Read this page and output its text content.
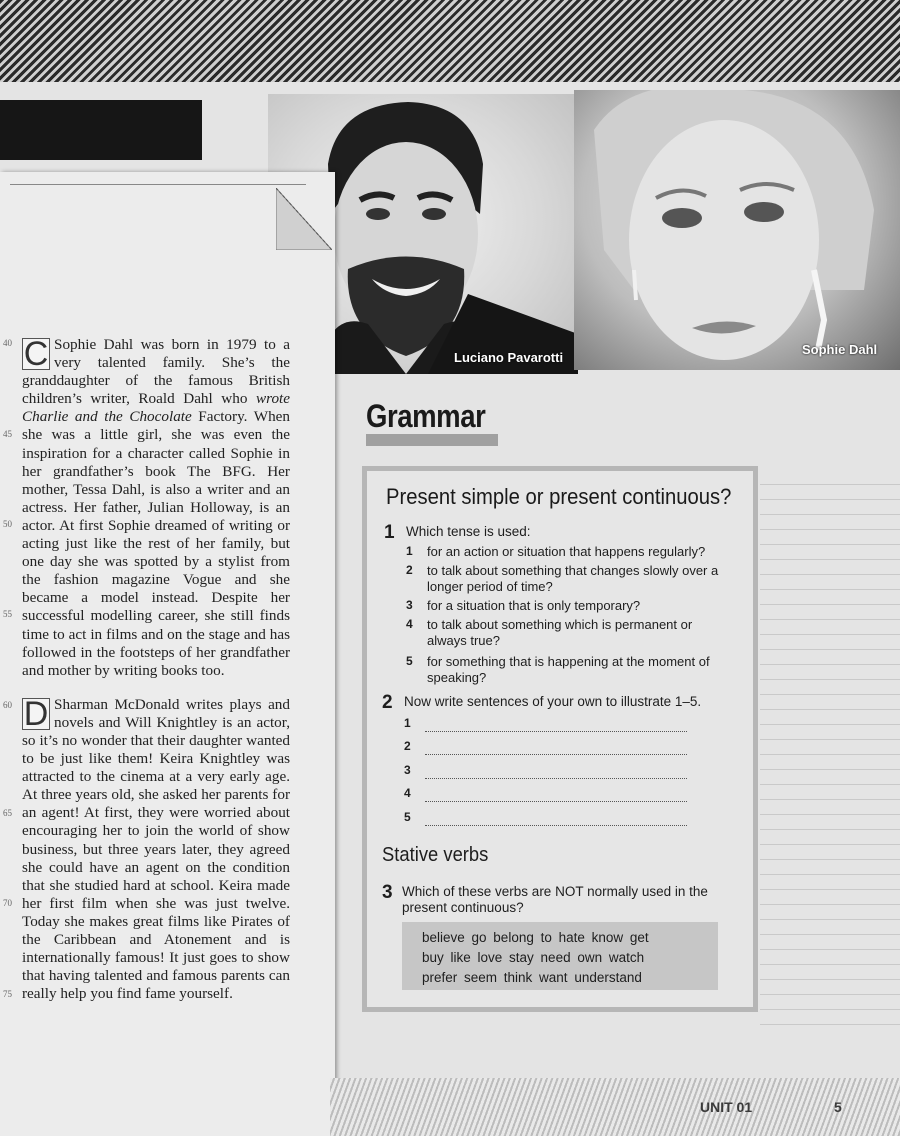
Luciano Pavarotti
Sophie Dahl
40
45
50
55
60
65
70
75
C Sophie Dahl was born in 1979 to a very talented family. She’s the granddaughter of the famous British children’s writer, Roald Dahl who wrote Charlie and the Chocolate Factory. When she was a little girl, she was even the inspiration for a character called Sophie in her grandfather’s book The BFG. Her mother, Tessa Dahl, is also a writer and an actress. Her father, Julian Holloway, is an actor. At first Sophie dreamed of writing or acting just like the rest of her family, but one day she was spotted by a stylist from the fashion magazine Vogue and she became a model instead. Despite her successful modelling career, she still finds time to act in films and on the stage and has followed in the footsteps of her grandfather and mother by writing books too.
D Sharman McDonald writes plays and novels and Will Knightley is an actor, so it’s no wonder that their daughter wanted to be just like them! Keira Knightley was attracted to the cinema at a very early age. At three years old, she asked her parents for an agent! At first, they were worried about encouraging her to join the world of show business, but three years later, they agreed she could have an agent on the condition that she studied hard at school. Keira made her first film when she was just twelve. Today she makes great films like Pirates of the Caribbean and Atonement and is internationally famous! It just goes to show that having talented and famous parents can really help you find fame yourself.
Grammar
Present simple or present continuous?
1 Which tense is used:
1 for an action or situation that happens regularly?
2 to talk about something that changes slowly over a longer period of time?
3 for a situation that is only temporary?
4 to talk about something which is permanent or always true?
5 for something that is happening at the moment of speaking?
2 Now write sentences of your own to illustrate 1–5.
1
2
3
4
5
Stative verbs
3 Which of these verbs are NOT normally used in the present continuous?
believe go belong to hate know get
buy like love stay need own watch
prefer seem think want understand
UNIT 01	5
